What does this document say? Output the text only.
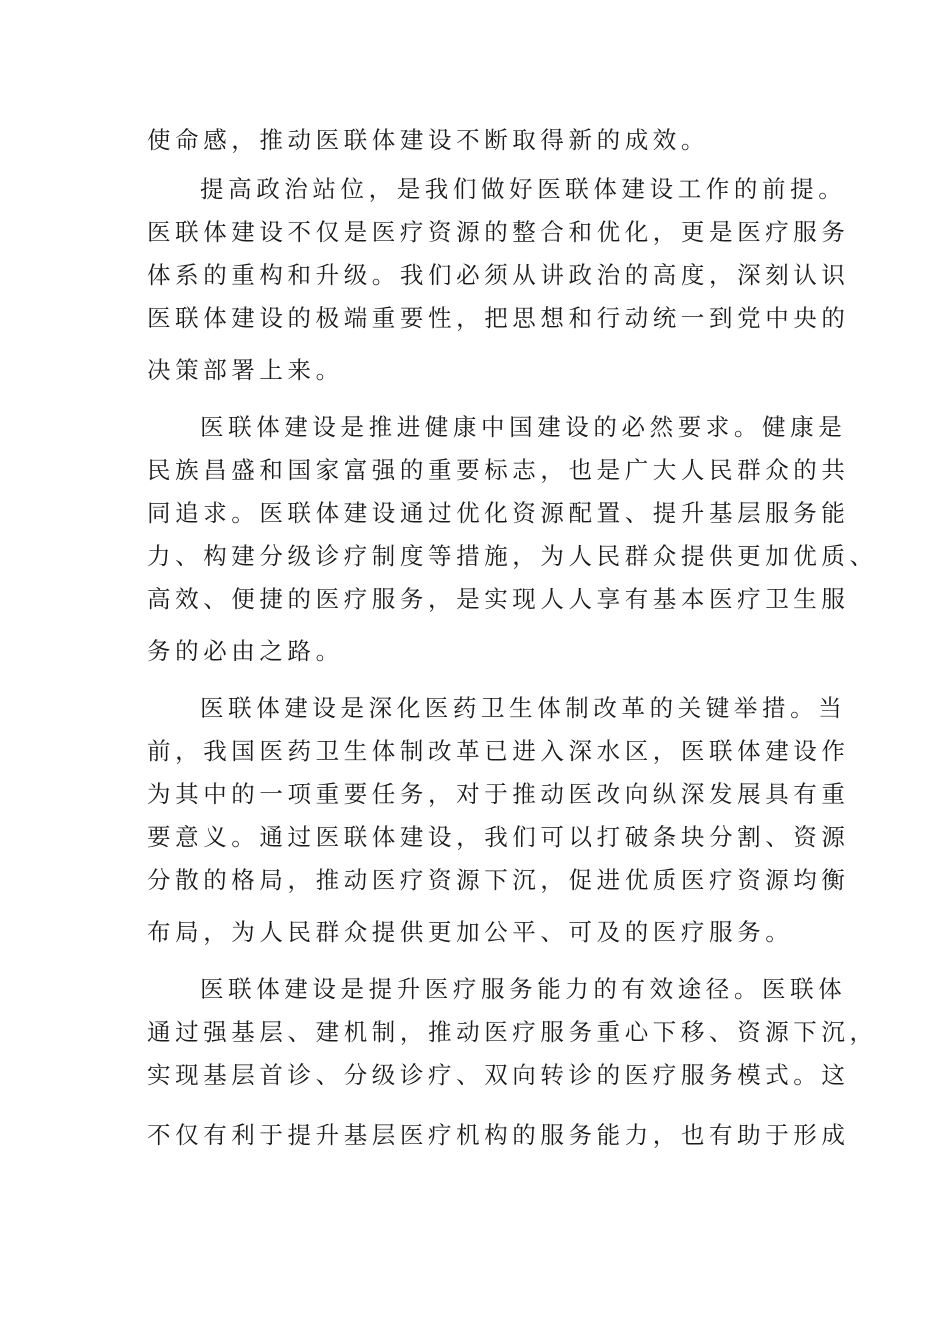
使命感，推动医联体建设不断取得新的成效。
提高政治站位，是我们做好医联体建设工作的前提。
医联体建设不仅是医疗资源的整合和优化，更是医疗服务
体系的重构和升级。我们必须从讲政治的高度，深刻认识
医联体建设的极端重要性，把思想和行动统一到党中央的
决策部署上来。
医联体建设是推进健康中国建设的必然要求。健康是
民族昌盛和国家富强的重要标志，也是广大人民群众的共
同追求。医联体建设通过优化资源配置、提升基层服务能
力、构建分级诊疗制度等措施，为人民群众提供更加优质、
高效、便捷的医疗服务，是实现人人享有基本医疗卫生服
务的必由之路。
医联体建设是深化医药卫生体制改革的关键举措。当
前，我国医药卫生体制改革已进入深水区，医联体建设作
为其中的一项重要任务，对于推动医改向纵深发展具有重
要意义。通过医联体建设，我们可以打破条块分割、资源
分散的格局，推动医疗资源下沉，促进优质医疗资源均衡
布局，为人民群众提供更加公平、可及的医疗服务。
医联体建设是提升医疗服务能力的有效途径。医联体
通过强基层、建机制，推动医疗服务重心下移、资源下沉，
实现基层首诊、分级诊疗、双向转诊的医疗服务模式。这
不仅有利于提升基层医疗机构的服务能力，也有助于形成
